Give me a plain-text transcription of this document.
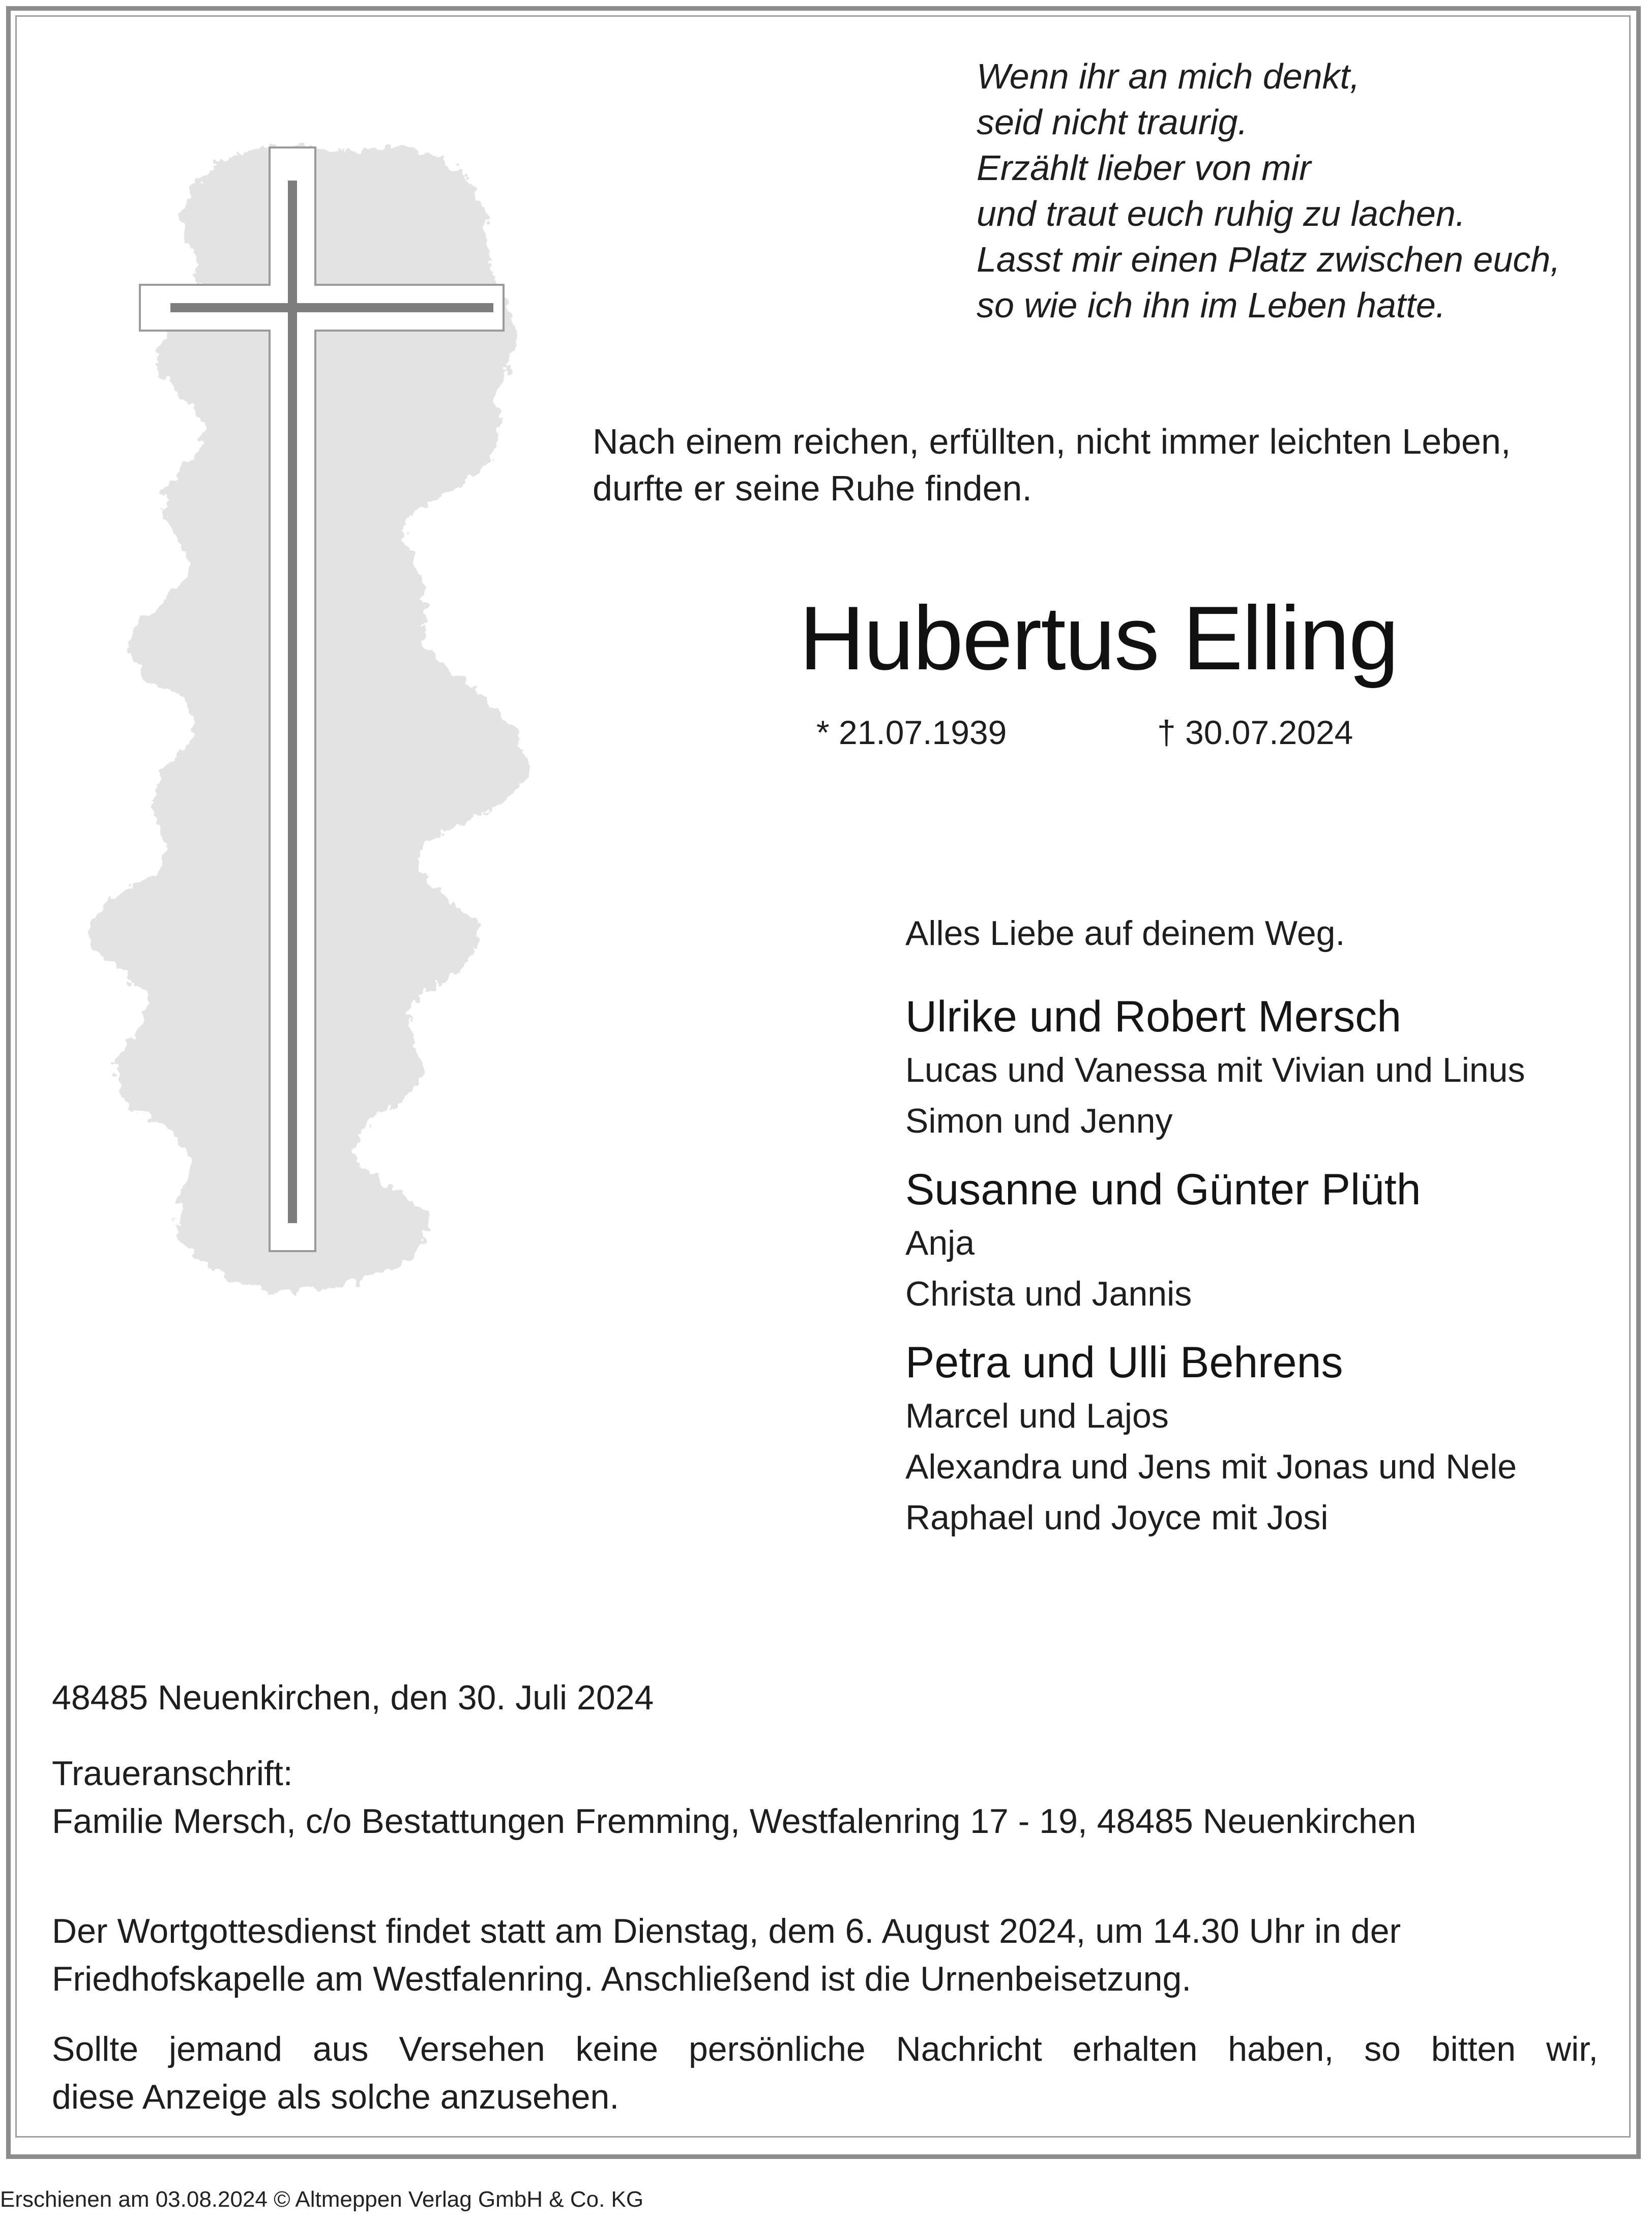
Wenn ihr an mich denkt,
seid nicht traurig.
Erzählt lieber von mir
und traut euch ruhig zu lachen.
Lasst mir einen Platz zwischen euch,
so wie ich ihn im Leben hatte.
Nach einem reichen, erfüllten, nicht immer leichten Leben,
durfte er seine Ruhe finden.
Hubertus Elling
* 21.07.1939	† 30.07.2024
Alles Liebe auf deinem Weg.
Ulrike und Robert Mersch
Lucas und Vanessa mit Vivian und Linus
Simon und Jenny
Susanne und Günter Plüth
Anja
Christa und Jannis
Petra und Ulli Behrens
Marcel und Lajos
Alexandra und Jens mit Jonas und Nele
Raphael und Joyce mit Josi
48485 Neuenkirchen, den 30. Juli 2024
Traueranschrift:
Familie Mersch, c/o Bestattungen Fremming, Westfalenring 17 - 19, 48485 Neuenkirchen
Der Wortgottesdienst findet statt am Dienstag, dem 6. August 2024, um 14.30 Uhr in der
Friedhofskapelle am Westfalenring. Anschließend ist die Urnenbeisetzung.
Sollte jemand aus Versehen keine persönliche Nachricht erhalten haben, so bitten wir,
diese Anzeige als solche anzusehen.
Erschienen am 03.08.2024 © Altmeppen Verlag GmbH & Co. KG
